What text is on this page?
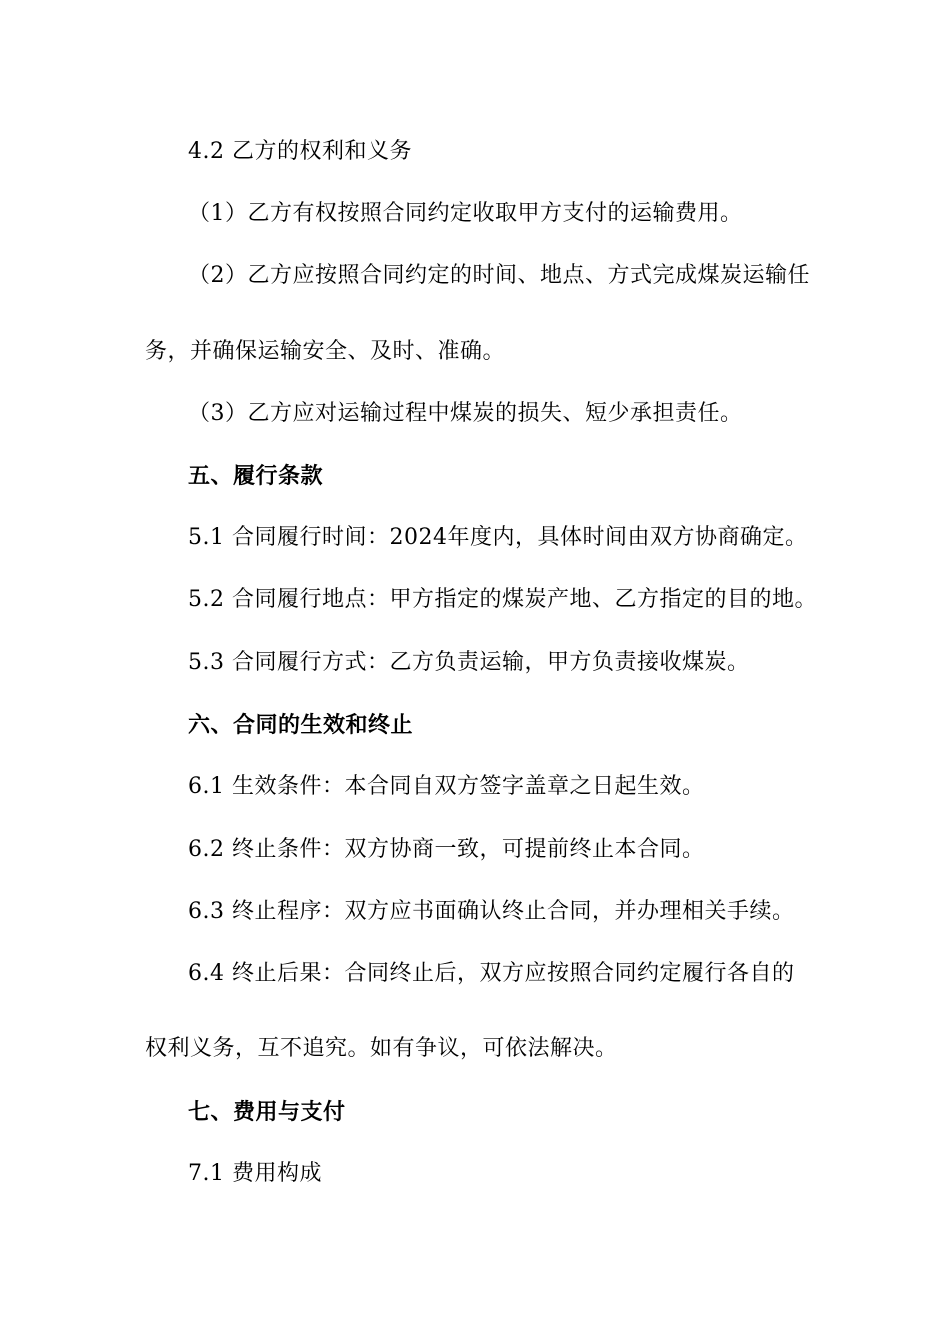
4.2 乙方的权利和义务
（1）乙方有权按照合同约定收取甲方支付的运输费用。
（2）乙方应按照合同约定的时间、地点、方式完成煤炭运输任
务，并确保运输安全、及时、准确。
（3）乙方应对运输过程中煤炭的损失、短少承担责任。
五、履行条款
5.1 合同履行时间：2024年度内，具体时间由双方协商确定。
5.2 合同履行地点：甲方指定的煤炭产地、乙方指定的目的地。
5.3 合同履行方式：乙方负责运输，甲方负责接收煤炭。
六、合同的生效和终止
6.1 生效条件：本合同自双方签字盖章之日起生效。
6.2 终止条件：双方协商一致，可提前终止本合同。
6.3 终止程序：双方应书面确认终止合同，并办理相关手续。
6.4 终止后果：合同终止后，双方应按照合同约定履行各自的
权利义务，互不追究。如有争议，可依法解决。
七、费用与支付
7.1 费用构成
